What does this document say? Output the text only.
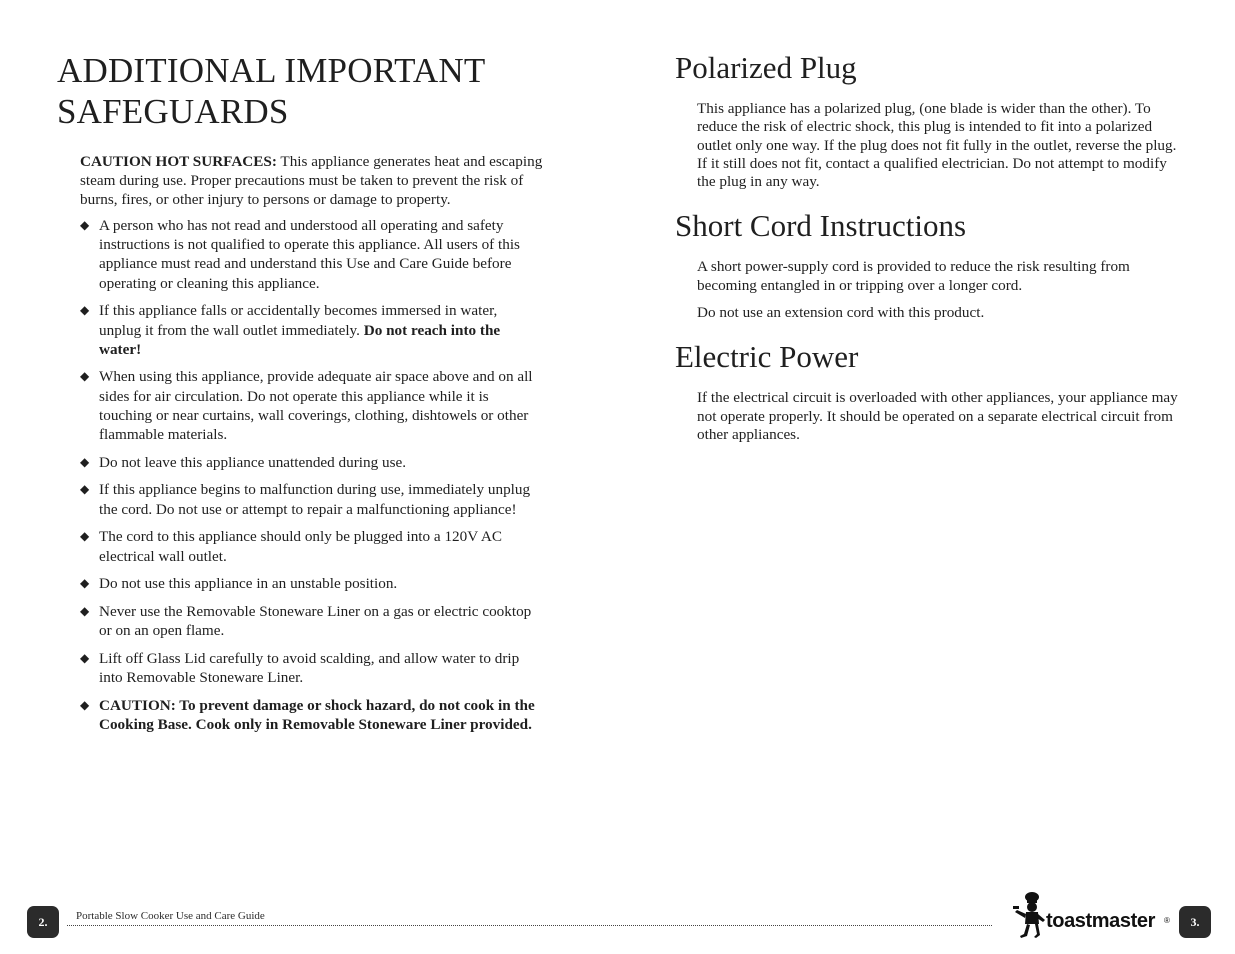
ADDITIONAL IMPORTANT SAFEGUARDS

CAUTION HOT SURFACES: This appliance generates heat and escaping steam during use. Proper precautions must be taken to prevent the risk of burns, fires, or other injury to persons or damage to property.

◆ A person who has not read and understood all operating and safety instructions is not qualified to operate this appliance. All users of this appliance must read and understand this Use and Care Guide before operating or cleaning this appliance.
◆ If this appliance falls or accidentally becomes immersed in water, unplug it from the wall outlet immediately. Do not reach into the water!
◆ When using this appliance, provide adequate air space above and on all sides for air circulation. Do not operate this appliance while it is touching or near curtains, wall coverings, clothing, dishtowels or other flammable materials.
◆ Do not leave this appliance unattended during use.
◆ If this appliance begins to malfunction during use, immediately unplug the cord. Do not use or attempt to repair a malfunctioning appliance!
◆ The cord to this appliance should only be plugged into a 120V AC electrical wall outlet.
◆ Do not use this appliance in an unstable position.
◆ Never use the Removable Stoneware Liner on a gas or electric cooktop or on an open flame.
◆ Lift off Glass Lid carefully to avoid scalding, and allow water to drip into Removable Stoneware Liner.
◆ CAUTION: To prevent damage or shock hazard, do not cook in the Cooking Base. Cook only in Removable Stoneware Liner provided.
Polarized Plug

This appliance has a polarized plug, (one blade is wider than the other). To reduce the risk of electric shock, this plug is intended to fit into a polarized outlet only one way. If the plug does not fit fully in the outlet, reverse the plug. If it still does not fit, contact a qualified electrician. Do not attempt to modify the plug in any way.

Short Cord Instructions

A short power-supply cord is provided to reduce the risk resulting from becoming entangled in or tripping over a longer cord.

Do not use an extension cord with this product.

Electric Power

If the electrical circuit is overloaded with other appliances, your appliance may not operate properly. It should be operated on a separate electrical circuit from other appliances.

2.	Portable Slow Cooker Use and Care Guide	toastmaster ®	3.
